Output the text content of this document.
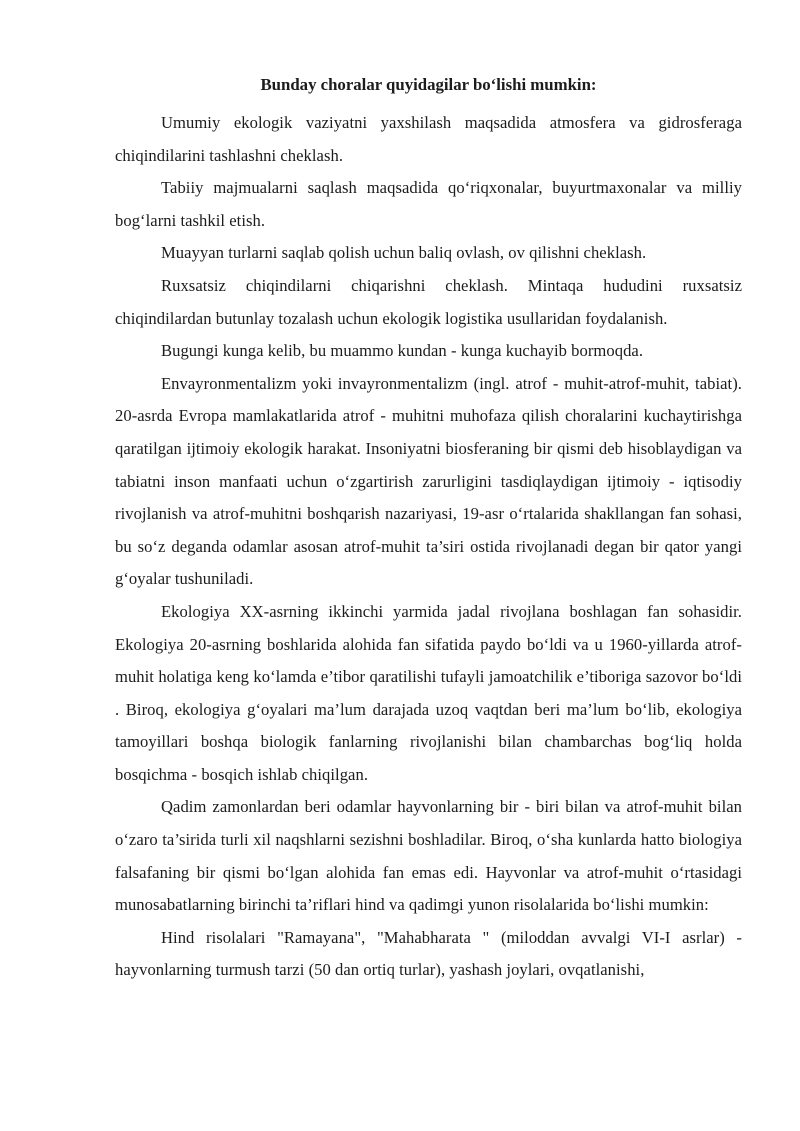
Bunday choralar quyidagilar bo‘lishi mumkin:

Umumiy ekologik vaziyatni yaxshilash maqsadida atmosfera va gidrosferaga chiqindilarini tashlashni cheklash.

Tabiiy majmualarni saqlash maqsadida qo‘riqxonalar, buyurtmaxonalar va milliy bog‘larni tashkil etish.

Muayyan turlarni saqlab qolish uchun baliq ovlash, ov qilishni cheklash.

Ruxsatsiz chiqindilarni chiqarishni cheklash. Mintaqa hududini ruxsatsiz chiqindilardan butunlay tozalash uchun ekologik logistika usullaridan foydalanish.

Bugungi kunga kelib, bu muammo kundan - kunga kuchayib bormoqda.

Envayronmentalizm yoki invayronmentalizm (ingl. atrof - muhit-atrof-muhit, tabiat). 20-asrda Evropa mamlakatlarida atrof - muhitni muhofaza qilish choralarini kuchaytirishga qaratilgan ijtimoiy ekologik harakat. Insoniyatni biosferaning bir qismi deb hisoblaydigan va tabiatni inson manfaati uchun o‘zgartirish zarurligini tasdiqlaydigan ijtimoiy - iqtisodiy rivojlanish va atrof-muhitni boshqarish nazariyasi, 19-asr o‘rtalarida shakllangan fan sohasi, bu so‘z deganda odamlar asosan atrof-muhit ta’siri ostida rivojlanadi degan bir qator yangi g‘oyalar tushuniladi.

Ekologiya XX-asrning ikkinchi yarmida jadal rivojlana boshlagan fan sohasidir. Ekologiya 20-asrning boshlarida alohida fan sifatida paydo bo‘ldi va u 1960-yillarda atrof-muhit holatiga keng ko‘lamda e’tibor qaratilishi tufayli jamoatchilik e’tiboriga sazovor bo‘ldi . Biroq, ekologiya g‘oyalari ma’lum darajada uzoq vaqtdan beri ma’lum bo‘lib, ekologiya tamoyillari boshqa biologik fanlarning rivojlanishi bilan chambarchas bog‘liq holda bosqichma - bosqich ishlab chiqilgan.

Qadim zamonlardan beri odamlar hayvonlarning bir - biri bilan va atrof-muhit bilan o‘zaro ta’sirida turli xil naqshlarni sezishni boshladilar. Biroq, o‘sha kunlarda hatto biologiya falsafaning bir qismi bo‘lgan alohida fan emas edi. Hayvonlar va atrof-muhit o‘rtasidagi munosabatlarning birinchi ta’riflari hind va qadimgi yunon risolalarida bo‘lishi mumkin:

Hind risolalari "Ramayana", "Mahabharata " (miloddan avvalgi VI-I asrlar) - hayvonlarning turmush tarzi (50 dan ortiq turlar), yashash joylari, ovqatlanishi,
